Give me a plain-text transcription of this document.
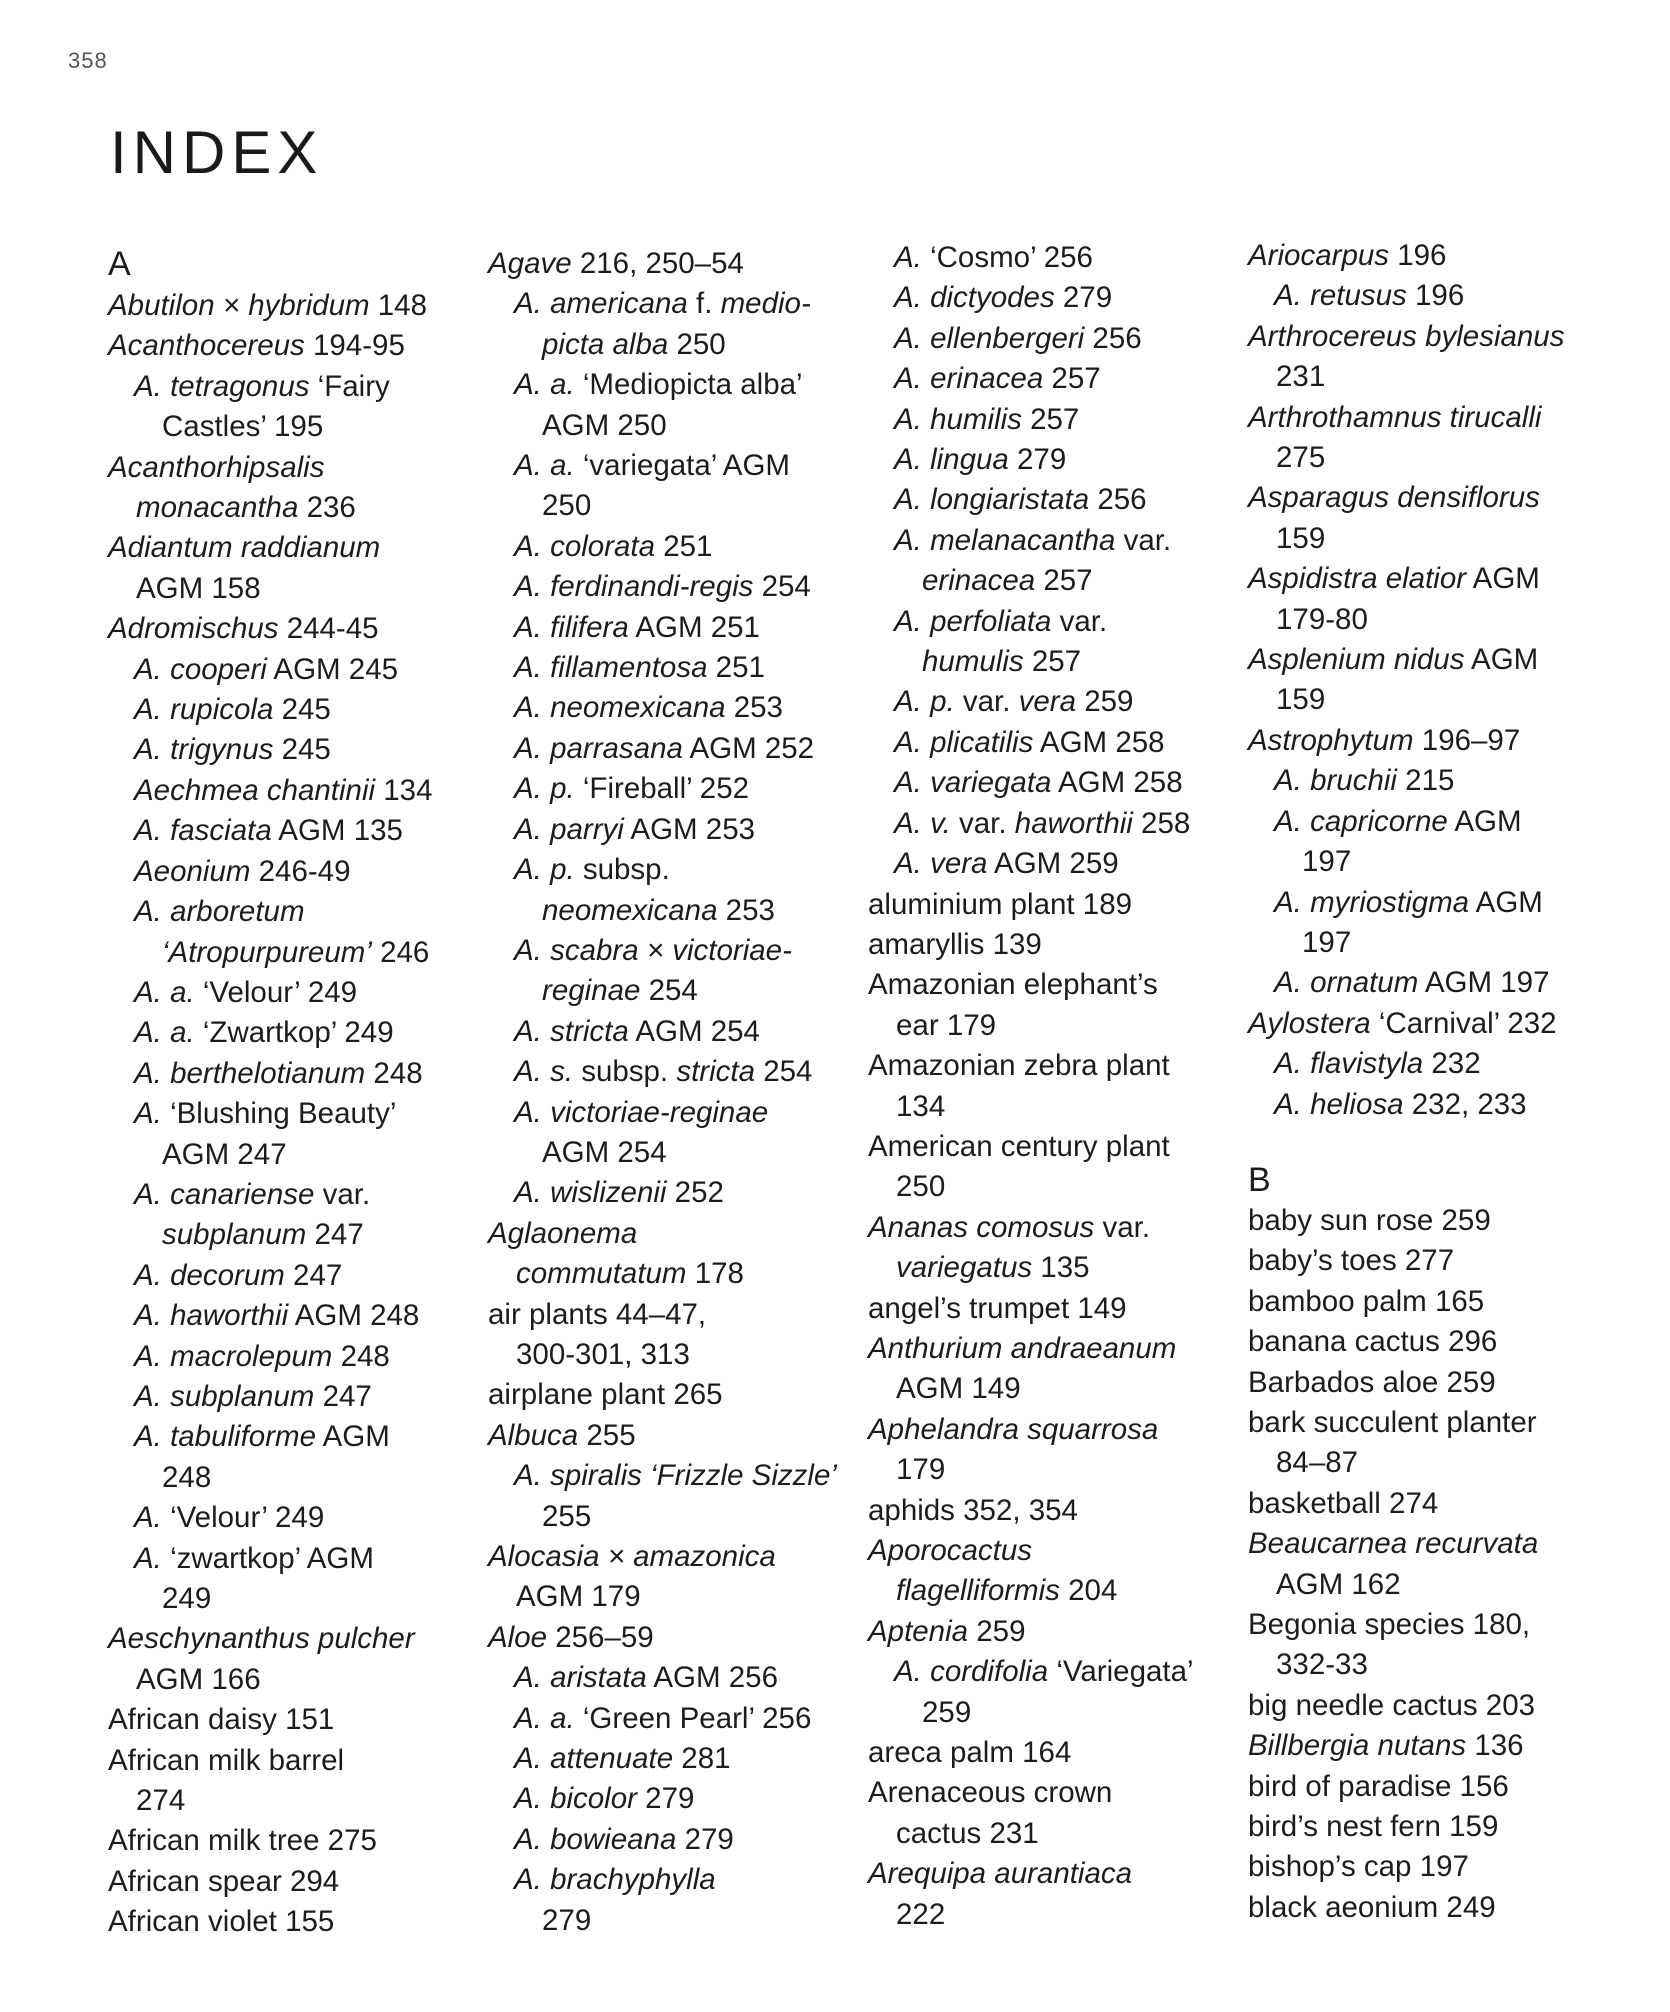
358
INDEX
A
Abutilon × hybridum 148
Acanthocereus 194-95
A. tetragonus ‘Fairy
Castles’ 195
Acanthorhipsalis
monacantha 236
Adiantum raddianum
AGM 158
Adromischus 244-45
A. cooperi AGM 245
A. rupicola 245
A. trigynus 245
Aechmea chantinii 134
A. fasciata AGM 135
Aeonium 246-49
A. arboretum
‘Atropurpureum’ 246
A. a. ‘Velour’ 249
A. a. ‘Zwartkop’ 249
A. berthelotianum 248
A. ‘Blushing Beauty’
AGM 247
A. canariense var.
subplanum 247
A. decorum 247
A. haworthii AGM 248
A. macrolepum 248
A. subplanum 247
A. tabuliforme AGM
248
A. ‘Velour’ 249
A. ‘zwartkop’ AGM
249
Aeschynanthus pulcher
AGM 166
African daisy 151
African milk barrel
274
African milk tree 275
African spear 294
African violet 155
Agave 216, 250–54
A. americana f. medio-
picta alba 250
A. a. ‘Mediopicta alba’
AGM 250
A. a. ‘variegata’ AGM
250
A. colorata 251
A. ferdinandi-regis 254
A. filifera AGM 251
A. fillamentosa 251
A. neomexicana 253
A. parrasana AGM 252
A. p. ‘Fireball’ 252
A. parryi AGM 253
A. p. subsp.
neomexicana 253
A. scabra × victoriae-
reginae 254
A. stricta AGM 254
A. s. subsp. stricta 254
A. victoriae-reginae
AGM 254
A. wislizenii 252
Aglaonema
commutatum 178
air plants 44–47,
300-301, 313
airplane plant 265
Albuca 255
A. spiralis ‘Frizzle Sizzle’
255
Alocasia × amazonica
AGM 179
Aloe 256–59
A. aristata AGM 256
A. a. ‘Green Pearl’ 256
A. attenuate 281
A. bicolor 279
A. bowieana 279
A. brachyphylla
279
A. ‘Cosmo’ 256
A. dictyodes 279
A. ellenbergeri 256
A. erinacea 257
A. humilis 257
A. lingua 279
A. longiaristata 256
A. melanacantha var.
erinacea 257
A. perfoliata var.
humulis 257
A. p. var. vera 259
A. plicatilis AGM 258
A. variegata AGM 258
A. v. var. haworthii 258
A. vera AGM 259
aluminium plant 189
amaryllis 139
Amazonian elephant’s
ear 179
Amazonian zebra plant
134
American century plant
250
Ananas comosus var.
variegatus 135
angel’s trumpet 149
Anthurium andraeanum
AGM 149
Aphelandra squarrosa
179
aphids 352, 354
Aporocactus
flagelliformis 204
Aptenia 259
A. cordifolia ‘Variegata’
259
areca palm 164
Arenaceous crown
cactus 231
Arequipa aurantiaca
222
Ariocarpus 196
A. retusus 196
Arthrocereus bylesianus
231
Arthrothamnus tirucalli
275
Asparagus densiflorus
159
Aspidistra elatior AGM
179-80
Asplenium nidus AGM
159
Astrophytum 196–97
A. bruchii 215
A. capricorne AGM
197
A. myriostigma AGM
197
A. ornatum AGM 197
Aylostera ‘Carnival’ 232
A. flavistyla 232
A. heliosa 232, 233
B
baby sun rose 259
baby’s toes 277
bamboo palm 165
banana cactus 296
Barbados aloe 259
bark succulent planter
84–87
basketball 274
Beaucarnea recurvata
AGM 162
Begonia species 180,
332-33
big needle cactus 203
Billbergia nutans 136
bird of paradise 156
bird’s nest fern 159
bishop’s cap 197
black aeonium 249
